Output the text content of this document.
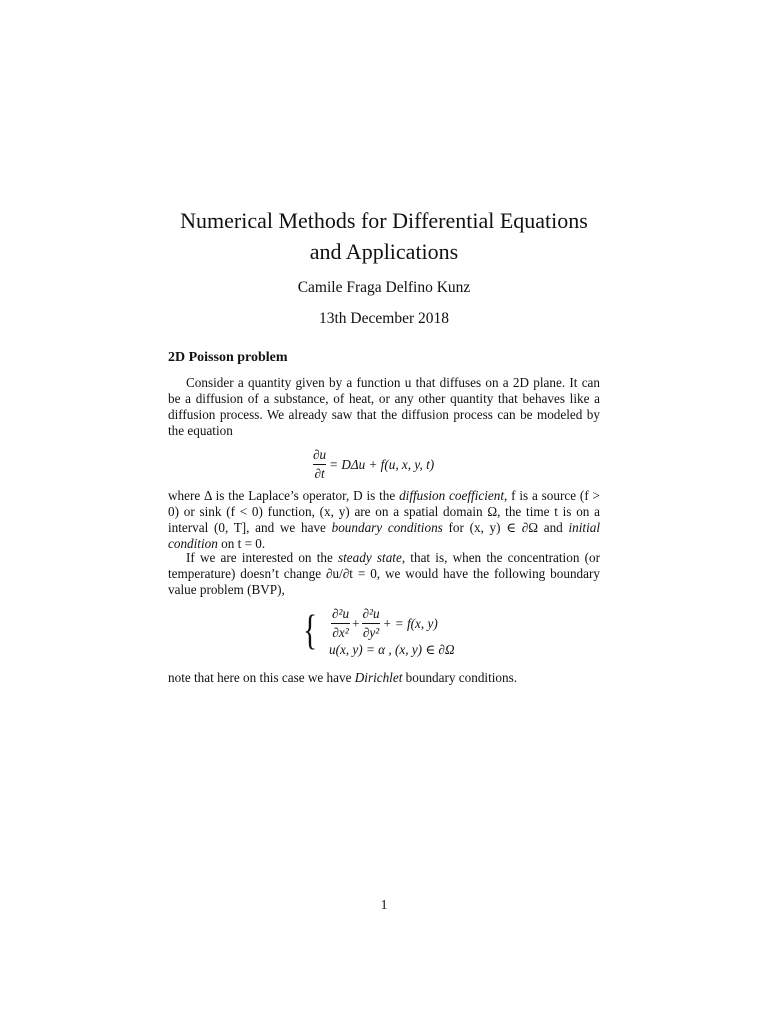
Numerical Methods for Differential Equations
and Applications
Camile Fraga Delfino Kunz
13th December 2018
2D Poisson problem
Consider a quantity given by a function u that diffuses on a 2D plane. It can be a diffusion of a substance, of heat, or any other quantity that behaves like a diffusion process. We already saw that the diffusion process can be modeled by the equation
$\frac{\partial u}{\partial t} = D\Delta u + f(u$, x, y, t)
where Δ is the Laplace’s operator, D is the diffusion coefficient, f is a source (f > 0) or sink (f < 0) function, (x, y) are on a spatial domain Ω, the time t is on a interval (0, T], and we have boundary conditions for (x, y) ∈ ∂Ω and initial condition on t = 0.
If we are interested on the steady state, that is, when the concentration (or temperature) doesn’t change ∂u/∂t = 0, we would have the following boundary value problem (BVP),
{ $\frac{\text{∂²u}}{\text{∂x²}} + \frac{\text{∂²u}}{\text{∂y²}}$ + = f(x, y)
u(x, y) = α , (x, y) ∈ ∂Ω
note that here on this case we have Dirichlet boundary conditions.
1
